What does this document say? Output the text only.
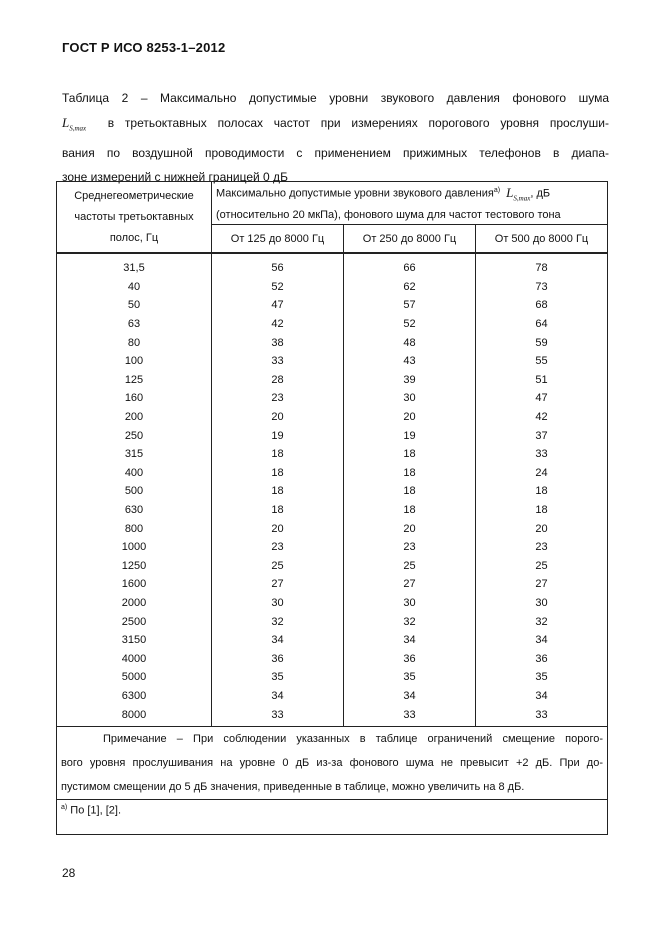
ГОСТ Р ИСО 8253-1–2012
Таблица 2 – Максимально допустимые уровни звукового давления фонового шума
$L_{S,max}$ в третьоктавных полосах частот при измерениях порогового уровня прослуши-
вания по воздушной проводимости с применением прижимных телефонов в диапа-
зоне измерений с нижней границей 0 дБ
Среднегеометрические
частоты третьоктавных
полос, Гц	Максимально допустимые уровни звукового давления$^{а)}$ $L_{S,max}$, дБ
(относительно 20 мкПа), фонового шума для частот тестового тона		

	От 125 до 8000 Гц	От 250 до 8000 Гц	От 500 до 8000 Гц
31,5	56	66	78
40	52	62	73
50	47	57	68
63	42	52	64
80	38	48	59
100	33	43	55
125	28	39	51
160	23	30	47
200	20	20	42
250	19	19	37
315	18	18	33
400	18	18	24
500	18	18	18
630	18	18	18
800	20	20	20
1000	23	23	23
1250	25	25	25
1600	27	27	27
2000	30	30	30
2500	32	32	32
3150	34	34	34
4000	36	36	36
5000	35	35	35
6300	34	34	34
8000	33	33	33

Примечание – При соблюдении указанных в таблице ограничений смещение порого-
вого уровня прослушивания на уровне 0 дБ из-за фонового шума не превысит +2 дБ. При до-
пустимом смещении до 5 дБ значения, приведенные в таблице, можно увеличить на 8 дБ.			

$^{а)}$ По [1], [2].			
28
